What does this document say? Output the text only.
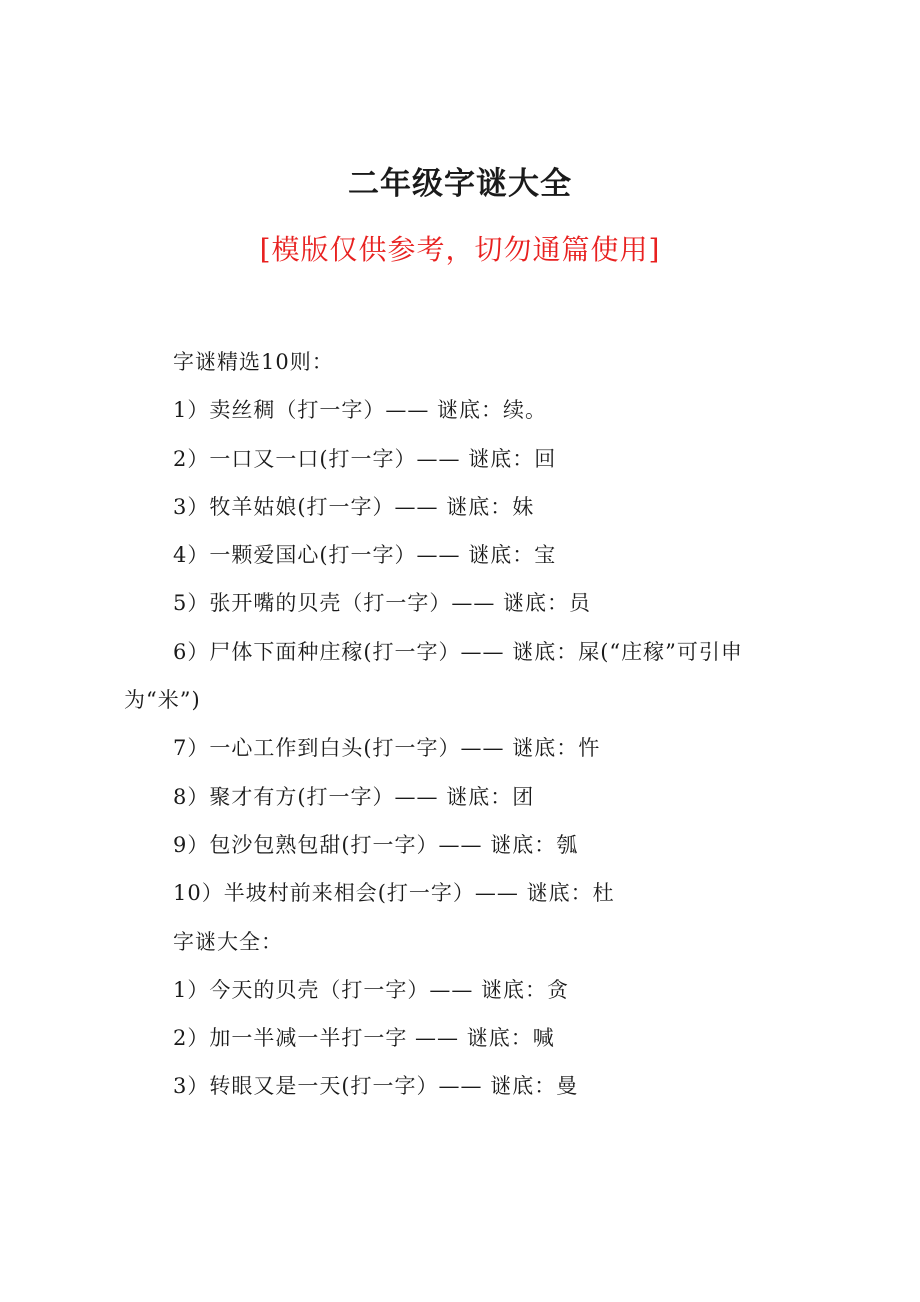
二年级字谜大全
[模版仅供参考，切勿通篇使用]

字谜精选10则：

1）卖丝稠（打一字）—— 谜底：续。

2）一口又一口(打一字）—— 谜底：回

3）牧羊姑娘(打一字）—— 谜底：妹

4）一颗爱国心(打一字）—— 谜底：宝

5）张开嘴的贝壳（打一字）—— 谜底：员

6）尸体下面种庄稼(打一字）—— 谜底：屎(“庄稼”可引申为“米”)

7）一心工作到白头(打一字）—— 谜底：忤

8）聚才有方(打一字）—— 谜底：团

9）包沙包熟包甜(打一字）—— 谜底：瓠

10）半坡村前来相会(打一字）—— 谜底：杜

字谜大全：

1）今天的贝壳（打一字）—— 谜底：贪

2）加一半减一半打一字 —— 谜底：喊

3）转眼又是一天(打一字）—— 谜底：曼
